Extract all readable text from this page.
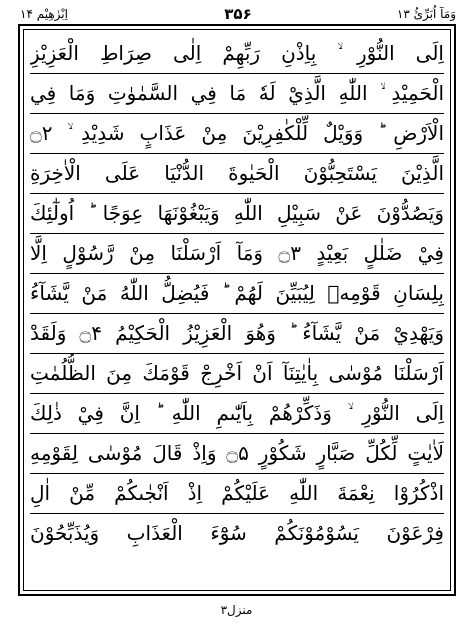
وَمَآ اُبَرِّئُ ۱۳
۳۵۶
اِبْرٰهِيْم ۱۴
اِلَى النُّوْرِ ۙ بِاِذْنِ رَبِّهِمْ اِلٰى صِرَاطِ الْعَزِيْزِ
الْحَمِيْدِ ۙ اللّٰهِ الَّذِيْ لَهٗ مَا فِي السَّمٰوٰتِ وَمَا فِي
الْاَرْضِ ؕ وَوَيْلٌ لِّلْكٰفِرِيْنَ مِنْ عَذَابٍ شَدِيْدِ ۙ ۝۲
الَّذِيْنَ يَسْتَحِبُّوْنَ الْحَيٰوةَ الدُّنْيَا عَلَى الْاٰخِرَةِ
وَيَصُدُّوْنَ عَنْ سَبِيْلِ اللّٰهِ وَيَبْغُوْنَهَا عِوَجًا ؕ اُولٰٓئِكَ
فِيْ ضَلٰلٍ بَعِيْدٍ ۝۳ وَمَآ اَرْسَلْنَا مِنْ رَّسُوْلٍ اِلَّا
بِلِسَانِ قَوْمِهٖ لِيُبَيِّنَ لَهُمْ ؕ فَيُضِلُّ اللّٰهُ مَنْ يَّشَآءُ
وَيَهْدِيْ مَنْ يَّشَآءُ ؕ وَهُوَ الْعَزِيْزُ الْحَكِيْمُ ۝۴ وَلَقَدْ
اَرْسَلْنَا مُوْسٰى بِاٰيٰتِنَآ اَنْ اَخْرِجْ قَوْمَكَ مِنَ الظُّلُمٰتِ
اِلَى النُّوْرِ ۙ وَذَكِّرْهُمْ بِاَيّٰىمِ اللّٰهِ ؕ اِنَّ فِيْ ذٰلِكَ
لَاٰيٰتٍ لِّكُلِّ صَبَّارٍ شَكُوْرٍ ۝۵ وَاِذْ قَالَ مُوْسٰى لِقَوْمِهِ
اذْكُرُوْا نِعْمَةَ اللّٰهِ عَلَيْكُمْ اِذْ اَنْجٰىكُمْ مِّنْ اٰلِ
فِرْعَوْنَ يَسُوْمُوْنَكُمْ سُوْٓءَ الْعَذَابِ وَيُذَبِّحُوْنَ
منزل۳
